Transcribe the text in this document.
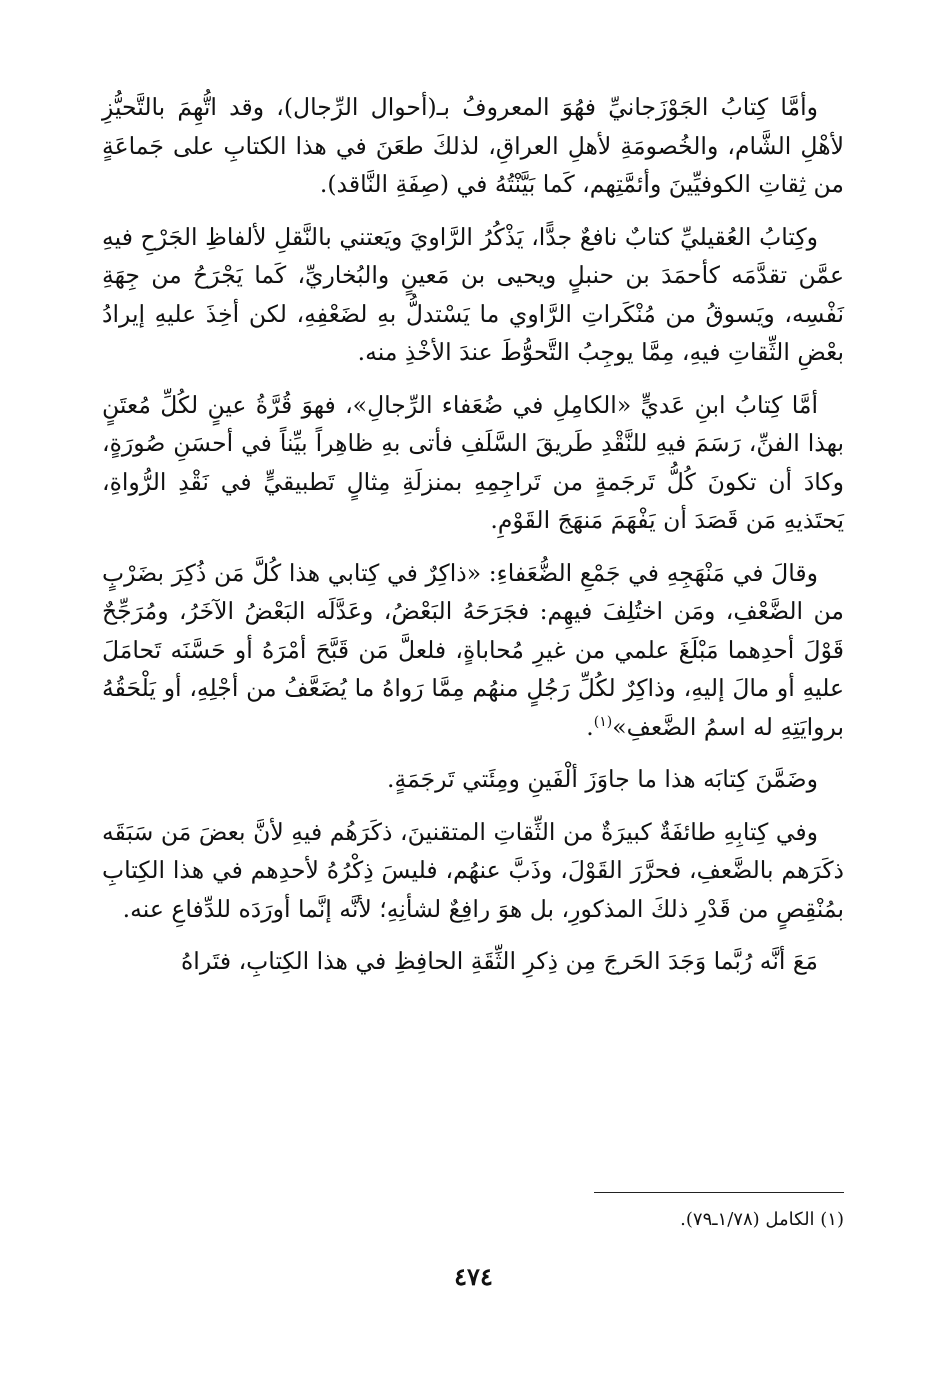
وأمَّا كِتابُ الجَوْزَجانيِّ فهُوَ المعروفُ بـ(أحوال الرِّجال)، وقد اتُّهِمَ بالتَّحيُّزِ لأهْلِ الشَّام، والخُصومَةِ لأهلِ العراقِ، لذلكَ طعَنَ في هذا الكتابِ على جَماعَةٍ من ثِقاتِ الكوفيِّينَ وأئمَّتِهم، كَما بَيَّنْتُهُ في (صِفَةِ النَّاقد).

وكِتابُ العُقيليِّ كتابٌ نافعٌ جدًّا، يَذْكُرُ الرَّاويَ ويَعتني بالنَّقلِ لألفاظِ الجَرْحِ فيهِ عمَّن تقدَّمَه كأحمَدَ بن حنبلٍ ويحيى بن مَعينٍ والبُخاريِّ، كَما يَجْرَحُ من جِهَةِ نَفْسِه، ويَسوقُ من مُنْكَراتِ الرَّاوي ما يَسْتدلُّ بهِ لضَعْفِهِ، لكن أخِذَ عليهِ إيرادُ بعْضِ الثِّقاتِ فيهِ، مِمَّا يوجِبُ التَّحوُّطَ عندَ الأخْذِ منه.

أمَّا كِتابُ ابنِ عَديٍّ «الكامِلِ في ضُعَفاء الرِّجالِ»، فهوَ قُرَّةُ عينٍ لكُلِّ مُعتَنٍ بهذا الفنِّ، رَسَمَ فيهِ للنَّقْدِ طَريقَ السَّلَفِ فأتى بهِ ظاهِراً بيِّناً في أحسَنِ صُورَةٍ، وكادَ أن تكونَ كُلُّ تَرجَمةٍ من تَراجِمِهِ بمنزلَةِ مِثالٍ تَطبيقيٍّ في نَقْدِ الرُّواةِ، يَحتَذيهِ مَن قَصَدَ أن يَفْهَمَ مَنهَجَ القَوْمِ.

وقالَ في مَنْهَجِهِ في جَمْعِ الضُّعَفاءِ: «ذاكِرٌ في كِتابي هذا كُلَّ مَن ذُكِرَ بضَرْبٍ من الضَّعْفِ، ومَن اختُلِفَ فيهِم: فجَرَحَهُ البَعْضُ، وعَدَّلَه البَعْضُ الآخَرُ، ومُرَجِّحٌ قَوْلَ أحدِهما مَبْلَغَ علمي من غيرِ مُحاباةٍ، فلعلَّ مَن قَبَّحَ أمْرَهُ أو حَسَّنَه تَحامَلَ عليهِ أو مالَ إليهِ، وذاكِرٌ لكُلِّ رَجُلٍ منهُم مِمَّا رَواهُ ما يُضَعَّفُ من أجْلِهِ، أو يَلْحَقُهُ بروايَتِهِ له اسمُ الضَّعفِ»$^{(١)}$.

وضَمَّنَ كِتابَه هذا ما جاوَزَ ألْفَينِ ومِئَتي تَرجَمَةٍ.

وفي كِتابِهِ طائفَةٌ كبيرَةٌ من الثِّقاتِ المتقنينَ، ذكَرَهُم فيهِ لأنَّ بعضَ مَن سَبَقَه ذكَرَهم بالضَّعفِ، فحرَّرَ القَوْلَ، وذَبَّ عنهُم، فليسَ ذِكْرُهُ لأحدِهم في هذا الكِتابِ بمُنْقِصٍ من قَدْرِ ذلكَ المذكورِ، بل هوَ رافِعٌ لشأنِهِ؛ لأنَّه إنَّما أورَدَه للدِّفاعِ عنه.

مَعَ أنَّه رُبَّما وَجَدَ الحَرجَ مِن ذِكرِ الثِّقَةِ الحافِظِ في هذا الكِتابِ، فتَراهُ

(١) الكامل (١/٧٨ـ٧٩).
٤٧٤
